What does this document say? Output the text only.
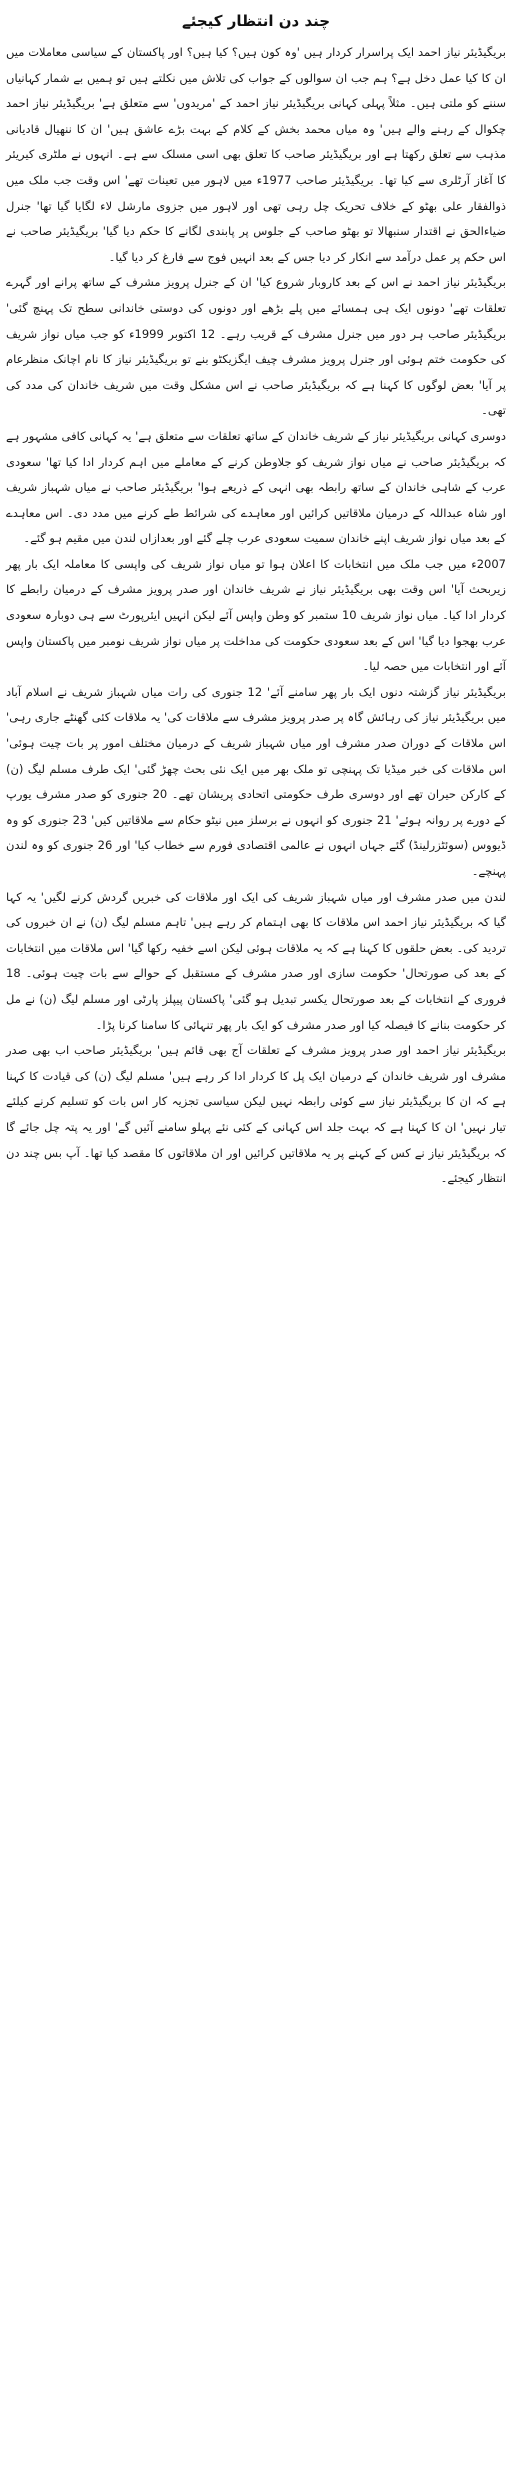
چند دن انتظار کیجئے

بریگیڈیئر نیاز احمد ایک پراسرار کردار ہیں 'وہ کون ہیں؟ کیا ہیں؟ اور پاکستان کے سیاسی معاملات میں ان کا کیا عمل دخل ہے؟ ہم جب ان سوالوں کے جواب کی تلاش میں نکلتے ہیں تو ہمیں بے شمار کہانیاں سننے کو ملتی ہیں۔ مثلاً پہلی کہانی بریگیڈیئر نیاز احمد کے 'مریدوں' سے متعلق ہے' بریگیڈیئر نیاز احمد چکوال کے رہنے والے ہیں' وہ میاں محمد بخش کے کلام کے بہت بڑے عاشق ہیں' ان کا ننھیال قادیانی مذہب سے تعلق رکھتا ہے اور بریگیڈیئر صاحب کا تعلق بھی اسی مسلک سے ہے۔ انہوں نے ملٹری کیریئر کا آغاز آرٹلری سے کیا تھا۔ بریگیڈیئر صاحب 1977ء میں لاہور میں تعینات تھے' اس وقت جب ملک میں ذوالفقار علی بھٹو کے خلاف تحریک چل رہی تھی اور لاہور میں جزوی مارشل لاء لگایا گیا تھا' جنرل ضیاءالحق نے اقتدار سنبھالا تو بھٹو صاحب کے جلوس پر پابندی لگانے کا حکم دیا گیا' بریگیڈیئر صاحب نے اس حکم پر عمل درآمد سے انکار کر دیا جس کے بعد انہیں فوج سے فارغ کر دیا گیا۔

بریگیڈیئر نیاز احمد نے اس کے بعد کاروبار شروع کیا' ان کے جنرل پرویز مشرف کے ساتھ پرانے اور گہرے تعلقات تھے' دونوں ایک ہی ہمسائے میں پلے بڑھے اور دونوں کی دوستی خاندانی سطح تک پہنچ گئی' بریگیڈیئر صاحب ہر دور میں جنرل مشرف کے قریب رہے۔ 12 اکتوبر 1999ء کو جب میاں نواز شریف کی حکومت ختم ہوئی اور جنرل پرویز مشرف چیف ایگزیکٹو بنے تو بریگیڈیئر نیاز کا نام اچانک منظرعام پر آیا' بعض لوگوں کا کہنا ہے کہ بریگیڈیئر صاحب نے اس مشکل وقت میں شریف خاندان کی مدد کی تھی۔

دوسری کہانی بریگیڈیئر نیاز کے شریف خاندان کے ساتھ تعلقات سے متعلق ہے' یہ کہانی کافی مشہور ہے کہ بریگیڈیئر صاحب نے میاں نواز شریف کو جلاوطن کرنے کے معاملے میں اہم کردار ادا کیا تھا' سعودی عرب کے شاہی خاندان کے ساتھ رابطہ بھی انہی کے ذریعے ہوا' بریگیڈیئر صاحب نے میاں شہباز شریف اور شاہ عبداللہ کے درمیان ملاقاتیں کرائیں اور معاہدے کی شرائط طے کرنے میں مدد دی۔ اس معاہدے کے بعد میاں نواز شریف اپنے خاندان سمیت سعودی عرب چلے گئے اور بعدازاں لندن میں مقیم ہو گئے۔

2007ء میں جب ملک میں انتخابات کا اعلان ہوا تو میاں نواز شریف کی واپسی کا معاملہ ایک بار پھر زیربحث آیا' اس وقت بھی بریگیڈیئر نیاز نے شریف خاندان اور صدر پرویز مشرف کے درمیان رابطے کا کردار ادا کیا۔ میاں نواز شریف 10 ستمبر کو وطن واپس آئے لیکن انہیں ایئرپورٹ سے ہی دوبارہ سعودی عرب بھجوا دیا گیا' اس کے بعد سعودی حکومت کی مداخلت پر میاں نواز شریف نومبر میں پاکستان واپس آئے اور انتخابات میں حصہ لیا۔

بریگیڈیئر نیاز گزشتہ دنوں ایک بار پھر سامنے آئے' 12 جنوری کی رات میاں شہباز شریف نے اسلام آباد میں بریگیڈیئر نیاز کی رہائش گاہ پر صدر پرویز مشرف سے ملاقات کی' یہ ملاقات کئی گھنٹے جاری رہی' اس ملاقات کے دوران صدر مشرف اور میاں شہباز شریف کے درمیان مختلف امور پر بات چیت ہوئی' اس ملاقات کی خبر میڈیا تک پہنچی تو ملک بھر میں ایک نئی بحث چھڑ گئی' ایک طرف مسلم لیگ (ن) کے کارکن حیران تھے اور دوسری طرف حکومتی اتحادی پریشان تھے۔ 20 جنوری کو صدر مشرف یورپ کے دورے پر روانہ ہوئے' 21 جنوری کو انہوں نے برسلز میں نیٹو حکام سے ملاقاتیں کیں' 23 جنوری کو وہ ڈیووس (سوئٹزرلینڈ) گئے جہاں انہوں نے عالمی اقتصادی فورم سے خطاب کیا' اور 26 جنوری کو وہ لندن پہنچے۔

لندن میں صدر مشرف اور میاں شہباز شریف کی ایک اور ملاقات کی خبریں گردش کرنے لگیں' یہ کہا گیا کہ بریگیڈیئر نیاز احمد اس ملاقات کا بھی اہتمام کر رہے ہیں' تاہم مسلم لیگ (ن) نے ان خبروں کی تردید کی۔ بعض حلقوں کا کہنا ہے کہ یہ ملاقات ہوئی لیکن اسے خفیہ رکھا گیا' اس ملاقات میں انتخابات کے بعد کی صورتحال' حکومت سازی اور صدر مشرف کے مستقبل کے حوالے سے بات چیت ہوئی۔ 18 فروری کے انتخابات کے بعد صورتحال یکسر تبدیل ہو گئی' پاکستان پیپلز پارٹی اور مسلم لیگ (ن) نے مل کر حکومت بنانے کا فیصلہ کیا اور صدر مشرف کو ایک بار پھر تنہائی کا سامنا کرنا پڑا۔

بریگیڈیئر نیاز احمد اور صدر پرویز مشرف کے تعلقات آج بھی قائم ہیں' بریگیڈیئر صاحب اب بھی صدر مشرف اور شریف خاندان کے درمیان ایک پل کا کردار ادا کر رہے ہیں' مسلم لیگ (ن) کی قیادت کا کہنا ہے کہ ان کا بریگیڈیئر نیاز سے کوئی رابطہ نہیں لیکن سیاسی تجزیہ کار اس بات کو تسلیم کرنے کیلئے تیار نہیں' ان کا کہنا ہے کہ بہت جلد اس کہانی کے کئی نئے پہلو سامنے آئیں گے' اور یہ پتہ چل جائے گا کہ بریگیڈیئر نیاز نے کس کے کہنے پر یہ ملاقاتیں کرائیں اور ان ملاقاتوں کا مقصد کیا تھا۔ آپ بس چند دن انتظار کیجئے۔
